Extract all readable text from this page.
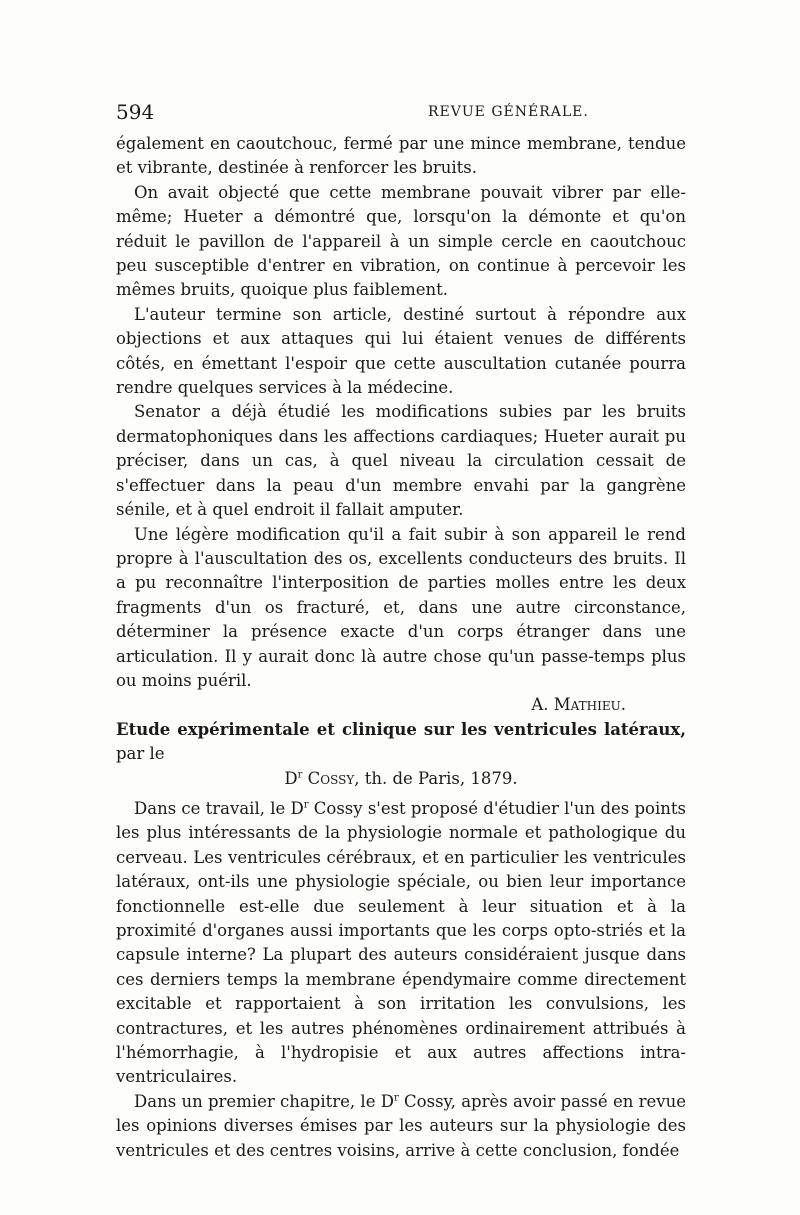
594	REVUE GÉNÉRALE.

également en caoutchouc, fermé par une mince membrane, tendue et vibrante, destinée à renforcer les bruits.

On avait objecté que cette membrane pouvait vibrer par elle-même; Hueter a démontré que, lorsqu'on la démonte et qu'on réduit le pavillon de l'appareil à un simple cercle en caoutchouc peu susceptible d'entrer en vibration, on continue à percevoir les mêmes bruits, quoique plus faiblement.

L'auteur termine son article, destiné surtout à répondre aux objections et aux attaques qui lui étaient venues de différents côtés, en émettant l'espoir que cette auscultation cutanée pourra rendre quelques services à la médecine.

Senator a déjà étudié les modifications subies par les bruits dermatophoniques dans les affections cardiaques; Hueter aurait pu préciser, dans un cas, à quel niveau la circulation cessait de s'effectuer dans la peau d'un membre envahi par la gangrène sénile, et à quel endroit il fallait amputer.

Une légère modification qu'il a fait subir à son appareil le rend propre à l'auscultation des os, excellents conducteurs des bruits. Il a pu reconnaître l'interposition de parties molles entre les deux fragments d'un os fracturé, et, dans une autre circonstance, déterminer la présence exacte d'un corps étranger dans une articulation. Il y aurait donc là autre chose qu'un passe-temps plus ou moins puéril.

A. Mathieu.

Etude expérimentale et clinique sur les ventricules latéraux, par le

$D^r$ Cossy, th. de Paris, 1879.

Dans ce travail, le $D^r$ Cossy s'est proposé d'étudier l'un des points les plus intéressants de la physiologie normale et pathologique du cerveau. Les ventricules cérébraux, et en particulier les ventricules latéraux, ont-ils une physiologie spéciale, ou bien leur importance fonctionnelle est-elle due seulement à leur situation et à la proximité d'organes aussi importants que les corps opto-striés et la capsule interne? La plupart des auteurs considéraient jusque dans ces derniers temps la membrane épendymaire comme directement excitable et rapportaient à son irritation les convulsions, les contractures, et les autres phénomènes ordinairement attribués à l'hémorrhagie, à l'hydropisie et aux autres affections intra-ventriculaires.

Dans un premier chapitre, le $D^r$ Cossy, après avoir passé en revue les opinions diverses émises par les auteurs sur la physiologie des ventricules et des centres voisins, arrive à cette conclusion, fondée
